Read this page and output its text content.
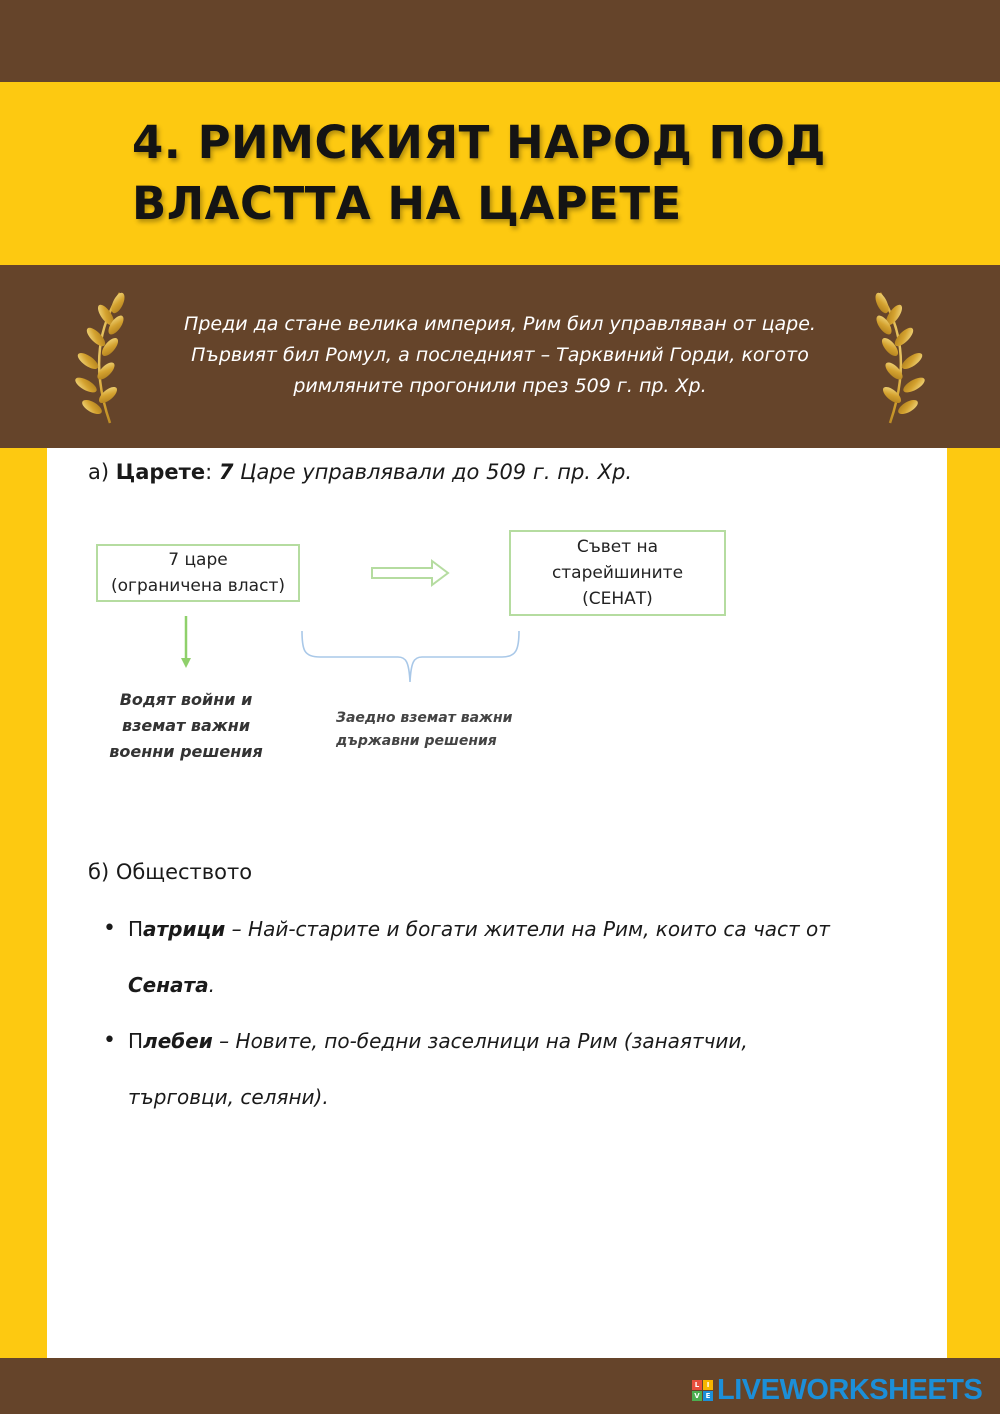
4. РИМСКИЯТ НАРОД ПОД ВЛАСТТА НА ЦАРЕТЕ

Преди да стане велика империя, Рим бил управляван от царе. Първият бил Ромул, а последният – Тарквиний Горди, когото римляните прогонили през 509 г. пр. Хр.

а) Царете: 7 Царе управлявали до 509 г. пр. Хр.

7 царе
(ограничена власт)
Съвет на
старейшините
(СЕНАТ)

Водят войни и вземат важни военни решения

Заедно вземат важни държавни решения

б) Обществото

• Патрици – Най-старите и богати жители на Рим, които са част от Сената.
• Плебеи – Новите, по-бедни заселници на Рим (занаятчии, търговци, селяни).
L	I
V E LIVEWORKSHEETS
